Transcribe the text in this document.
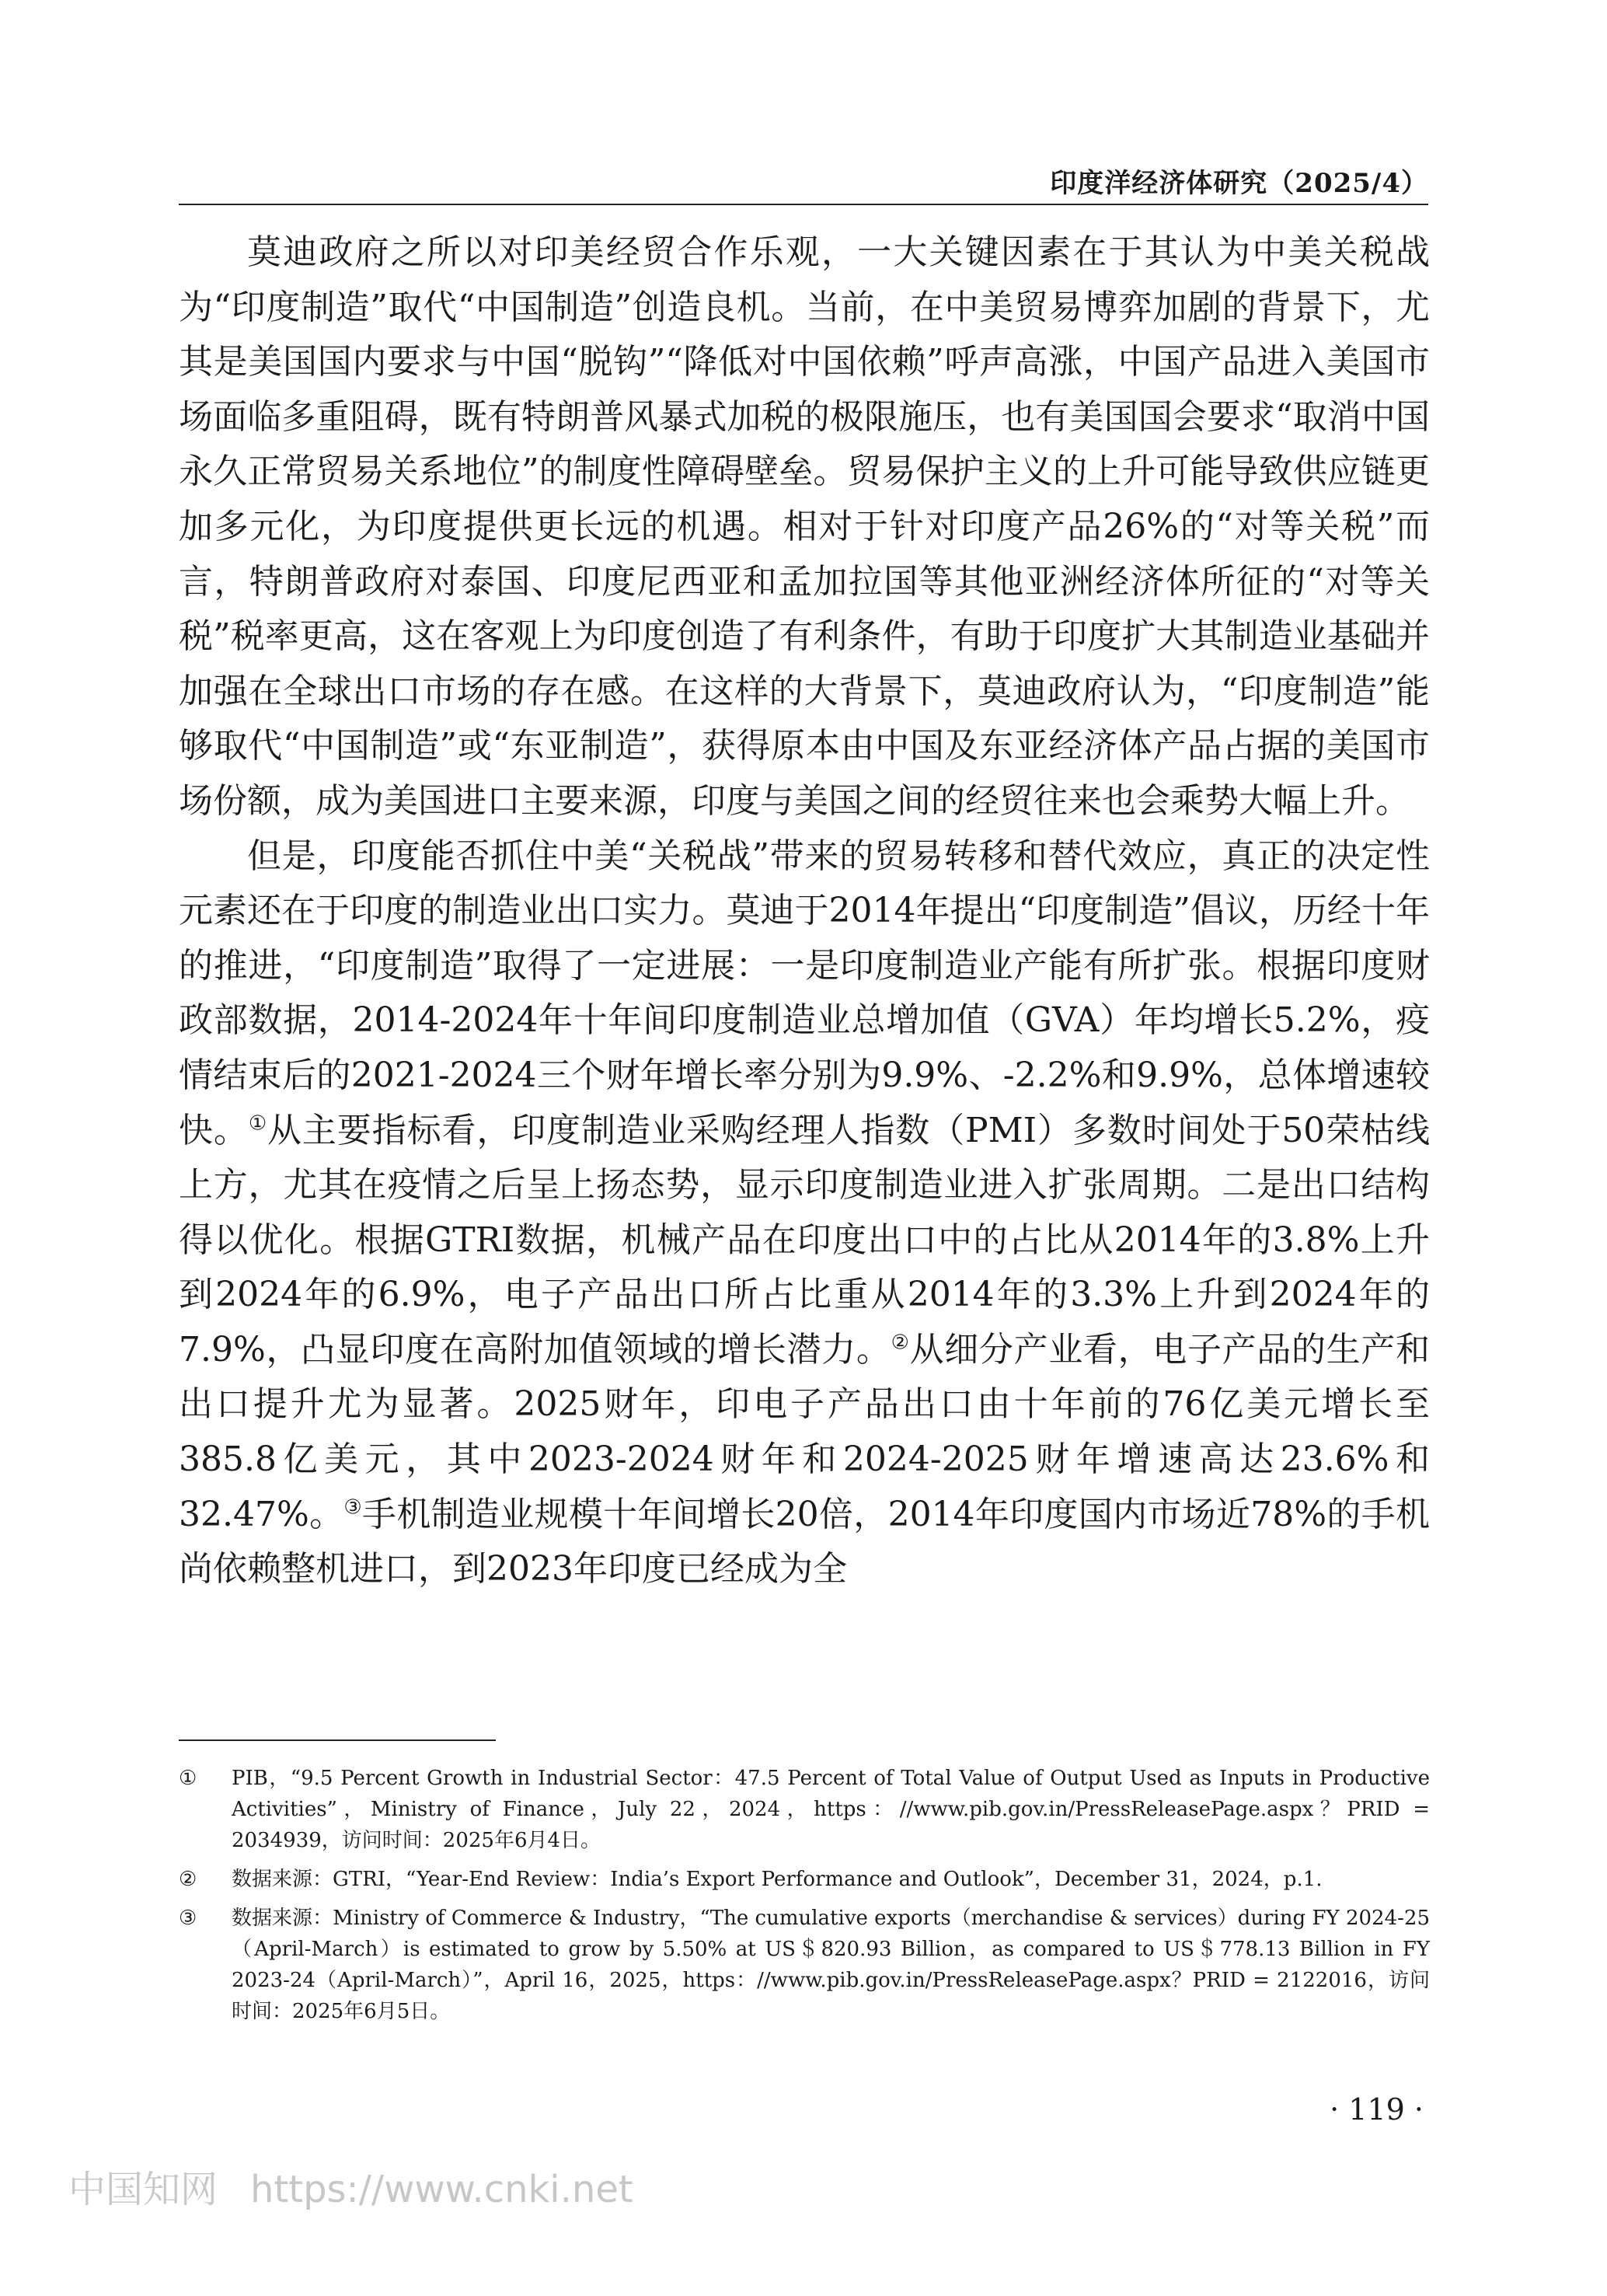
印度洋经济体研究（2025/4）

莫迪政府之所以对印美经贸合作乐观，一大关键因素在于其认为中美关税战为“印度制造”取代“中国制造”创造良机。当前，在中美贸易博弈加剧的背景下，尤其是美国国内要求与中国“脱钩”“降低对中国依赖”呼声高涨，中国产品进入美国市场面临多重阻碍，既有特朗普风暴式加税的极限施压，也有美国国会要求“取消中国永久正常贸易关系地位”的制度性障碍壁垒。贸易保护主义的上升可能导致供应链更加多元化，为印度提供更长远的机遇。相对于针对印度产品26%的“对等关税”而言，特朗普政府对泰国、印度尼西亚和孟加拉国等其他亚洲经济体所征的“对等关税”税率更高，这在客观上为印度创造了有利条件，有助于印度扩大其制造业基础并加强在全球出口市场的存在感。在这样的大背景下，莫迪政府认为，“印度制造”能够取代“中国制造”或“东亚制造”，获得原本由中国及东亚经济体产品占据的美国市场份额，成为美国进口主要来源，印度与美国之间的经贸往来也会乘势大幅上升。

但是，印度能否抓住中美“关税战”带来的贸易转移和替代效应，真正的决定性元素还在于印度的制造业出口实力。莫迪于2014年提出“印度制造”倡议，历经十年的推进，“印度制造”取得了一定进展：一是印度制造业产能有所扩张。根据印度财政部数据，2014-2024年十年间印度制造业总增加值（GVA）年均增长5.2%，疫情结束后的2021-2024三个财年增长率分别为9.9%、-2.2%和9.9%，总体增速较快。①从主要指标看，印度制造业采购经理人指数（PMI）多数时间处于50荣枯线上方，尤其在疫情之后呈上扬态势，显示印度制造业进入扩张周期。二是出口结构得以优化。根据GTRI数据，机械产品在印度出口中的占比从2014年的3.8%上升到2024年的6.9%，电子产品出口所占比重从2014年的3.3%上升到2024年的7.9%，凸显印度在高附加值领域的增长潜力。②从细分产业看，电子产品的生产和出口提升尤为显著。2025财年，印电子产品出口由十年前的76亿美元增长至385.8亿美元，其中2023-2024财年和2024-2025财年增速高达23.6%和32.47%。③手机制造业规模十年间增长20倍，2014年印度国内市场近78%的手机尚依赖整机进口，到2023年印度已经成为全

①	PIB，“9.5 Percent Growth in Industrial Sector：47.5 Percent of Total Value of Output Used as Inputs in Productive Activities”，Ministry of Finance，July 22，2024，https：//www.pib.gov.in/PressReleasePage.aspx？PRID = 2034939，访问时间：2025年6月4日。
②	数据来源：GTRI，“Year-End Review：India’s Export Performance and Outlook”，December 31，2024，p.1.
③	数据来源：Ministry of Commerce & Industry，“The cumulative exports（merchandise & services）during FY 2024-25（April-March）is estimated to grow by 5.50% at US＄820.93 Billion，as compared to US＄778.13 Billion in FY 2023-24（April-March）”，April 16，2025，https：//www.pib.gov.in/PressReleasePage.aspx？PRID = 2122016，访问时间：2025年6月5日。
· 119 ·
中国知网 https://www.cnki.net
